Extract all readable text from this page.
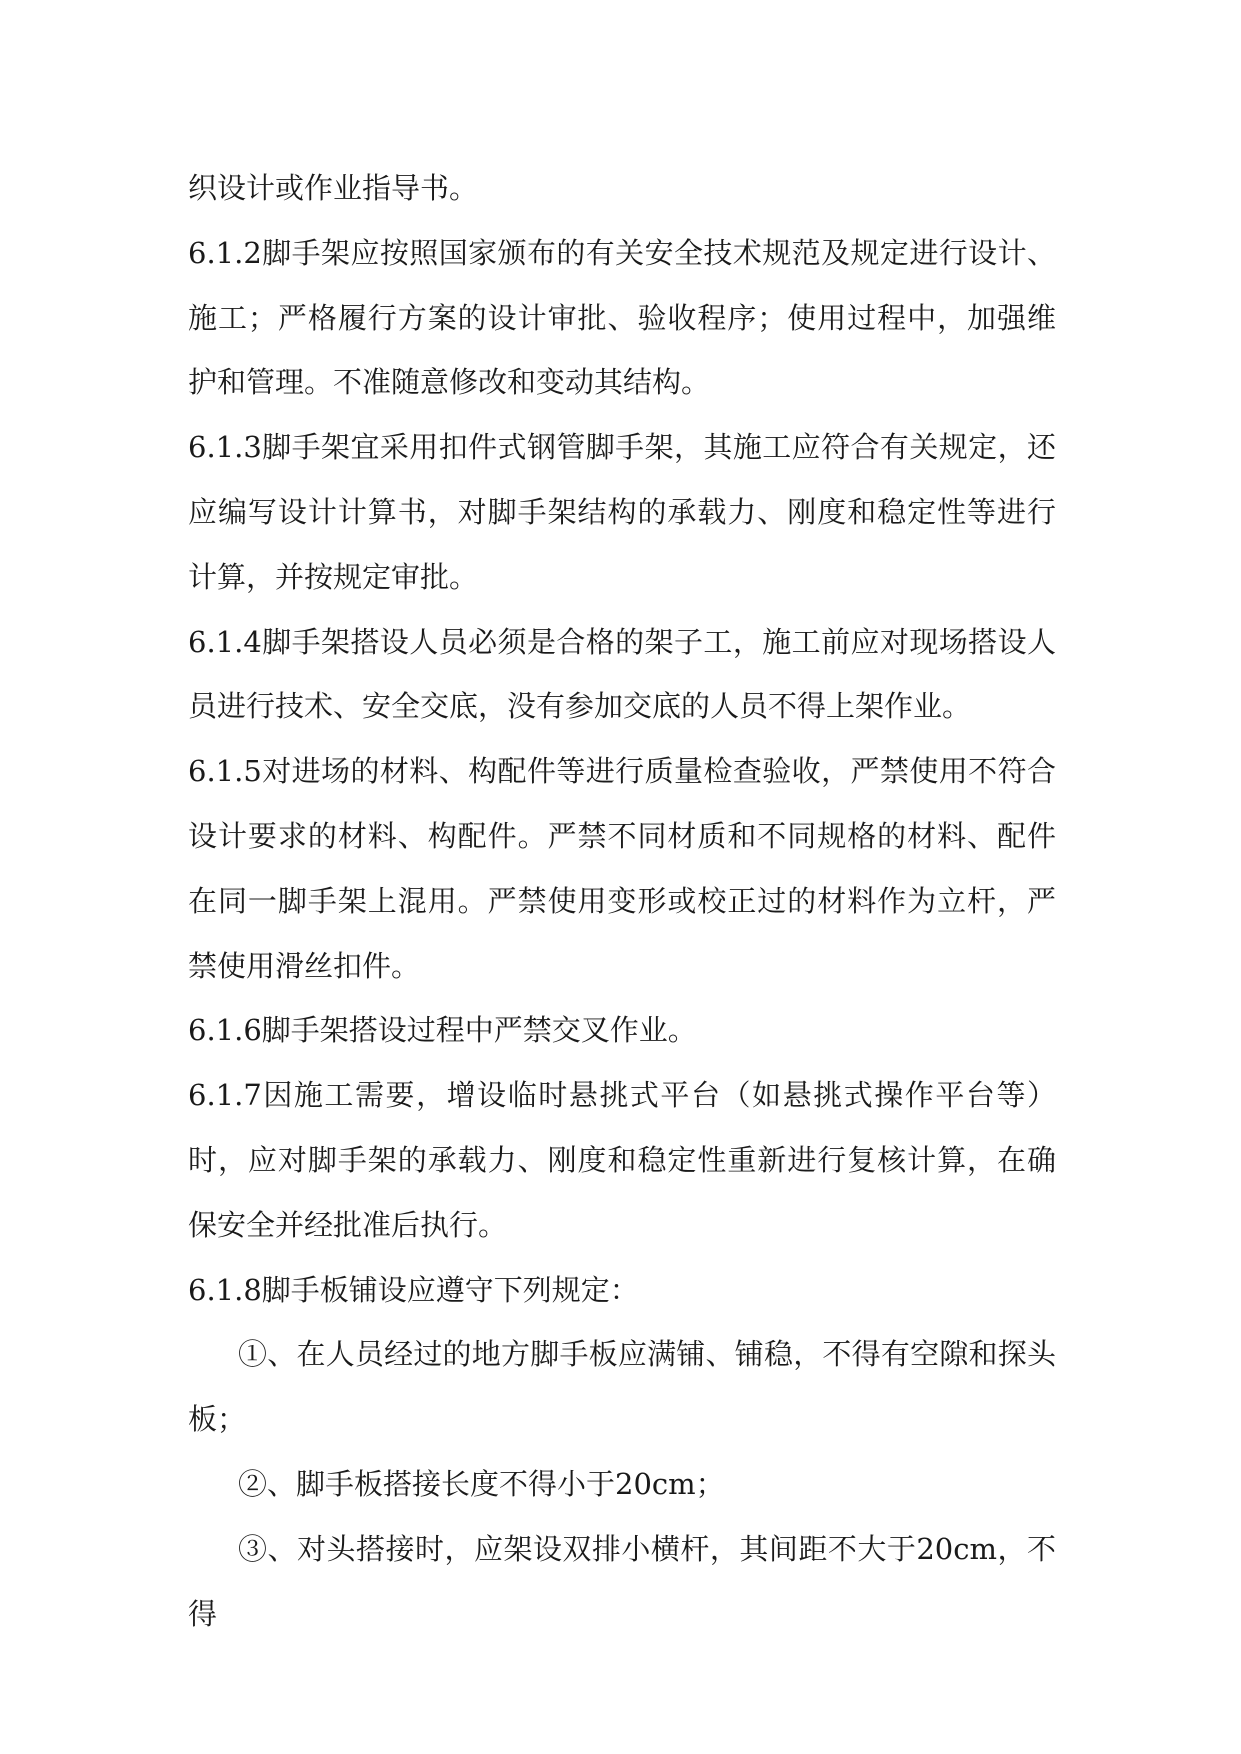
织设计或作业指导书。

6.1.2脚手架应按照国家颁布的有关安全技术规范及规定进行设计、施工；严格履行方案的设计审批、验收程序；使用过程中，加强维护和管理。不准随意修改和变动其结构。

6.1.3脚手架宜采用扣件式钢管脚手架，其施工应符合有关规定，还应编写设计计算书，对脚手架结构的承载力、刚度和稳定性等进行计算，并按规定审批。

6.1.4脚手架搭设人员必须是合格的架子工，施工前应对现场搭设人员进行技术、安全交底，没有参加交底的人员不得上架作业。

6.1.5对进场的材料、构配件等进行质量检查验收，严禁使用不符合设计要求的材料、构配件。严禁不同材质和不同规格的材料、配件在同一脚手架上混用。严禁使用变形或校正过的材料作为立杆，严禁使用滑丝扣件。

6.1.6脚手架搭设过程中严禁交叉作业。

6.1.7因施工需要，增设临时悬挑式平台（如悬挑式操作平台等）时，应对脚手架的承载力、刚度和稳定性重新进行复核计算，在确保安全并经批准后执行。

6.1.8脚手板铺设应遵守下列规定：

①、在人员经过的地方脚手板应满铺、铺稳，不得有空隙和探头板；

②、脚手板搭接长度不得小于20cm；

③、对头搭接时，应架设双排小横杆，其间距不大于20cm，不得
